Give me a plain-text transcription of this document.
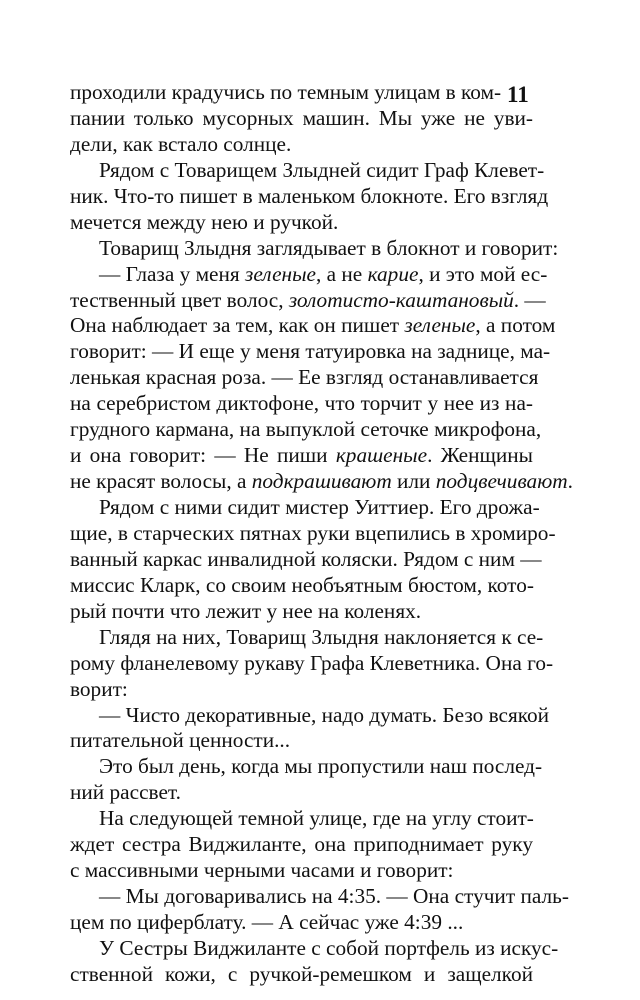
11
проходили крадучись по темным улицам в ком-
пании только мусорных машин. Мы уже не уви-
дели, как встало солнце.
Рядом с Товарищем Злыдней сидит Граф Клевет-
ник. Что-то пишет в маленьком блокноте. Его взгляд
мечется между нею и ручкой.
Товарищ Злыдня заглядывает в блокнот и говорит:
— Глаза у меня зеленые, а не карие, и это мой ес-
тественный цвет волос, золотисто-каштановый. —
Она наблюдает за тем, как он пишет зеленые, а потом
говорит: — И еще у меня татуировка на заднице, ма-
ленькая красная роза. — Ее взгляд останавливается
на серебристом диктофоне, что торчит у нее из на-
грудного кармана, на выпуклой сеточке микрофона,
и она говорит: — Не пиши крашеные. Женщины
не красят волосы, а подкрашивают или подцвечивают.
Рядом с ними сидит мистер Уиттиер. Его дрожа-
щие, в старческих пятнах руки вцепились в хромиро-
ванный каркас инвалидной коляски. Рядом с ним —
миссис Кларк, со своим необъятным бюстом, кото-
рый почти что лежит у нее на коленях.
Глядя на них, Товарищ Злыдня наклоняется к се-
рому фланелевому рукаву Графа Клеветника. Она го-
ворит:
— Чисто декоративные, надо думать. Безо всякой
питательной ценности...
Это был день, когда мы пропустили наш послед-
ний рассвет.
На следующей темной улице, где на углу стоит-
ждет сестра Виджиланте, она приподнимает руку
с массивными черными часами и говорит:
— Мы договаривались на 4:35. — Она стучит паль-
цем по циферблату. — А сейчас уже 4:39 ...
У Сестры Виджиланте с собой портфель из искус-
ственной кожи, с ручкой-ремешком и защелкой
